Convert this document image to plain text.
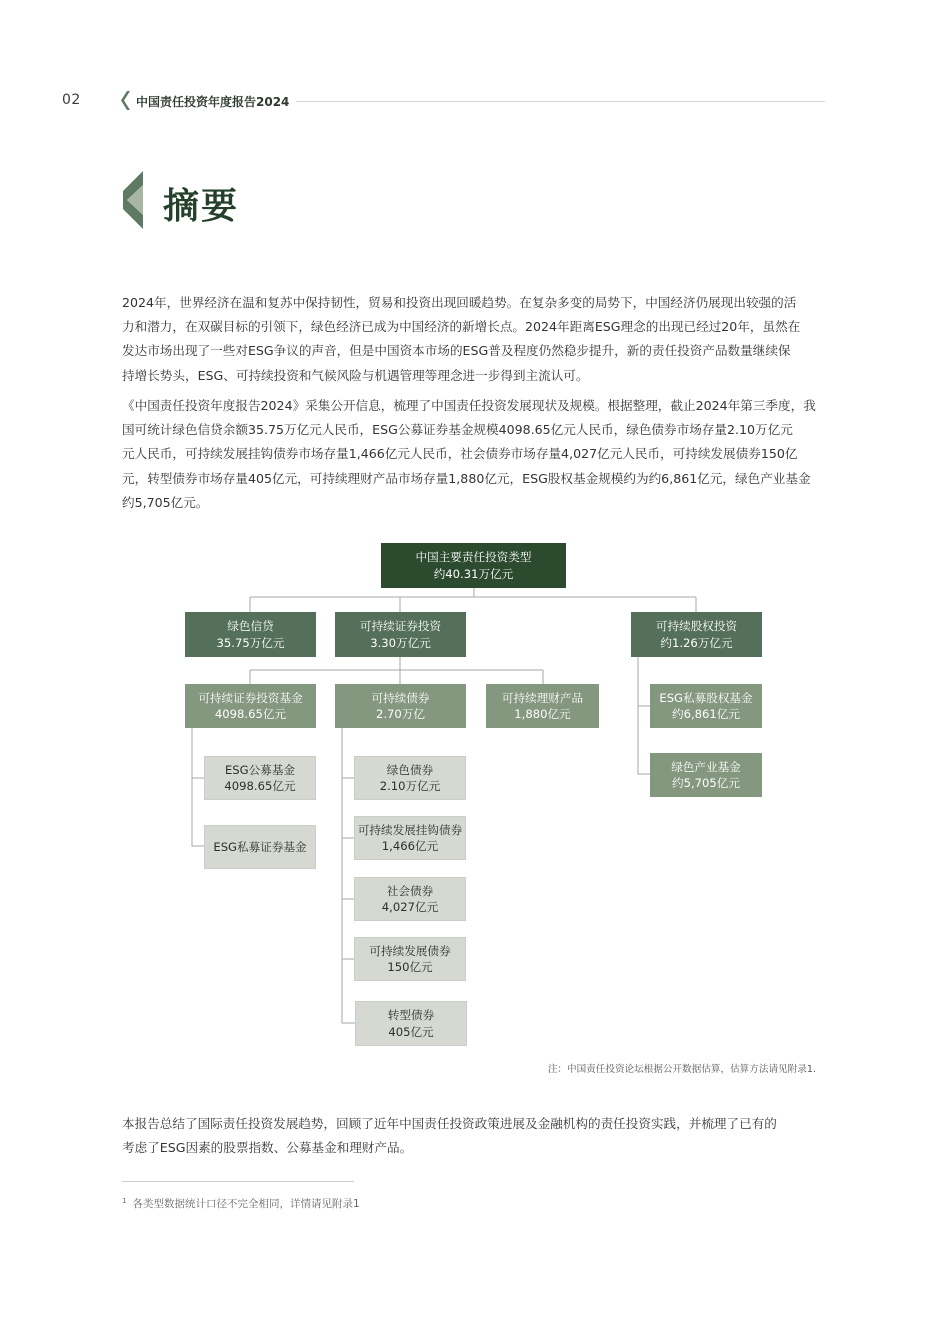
02	中国责任投资年度报告2024
摘要
2024年，世界经济在温和复苏中保持韧性，贸易和投资出现回暖趋势。在复杂多变的局势下，中国经济仍展现出较强的活
力和潜力，在双碳目标的引领下，绿色经济已成为中国经济的新增长点。2024年距离ESG理念的出现已经过20年，虽然在
发达市场出现了一些对ESG争议的声音，但是中国资本市场的ESG普及程度仍然稳步提升，新的责任投资产品数量继续保
持增长势头，ESG、可持续投资和气候风险与机遇管理等理念进一步得到主流认可。
《中国责任投资年度报告2024》采集公开信息，梳理了中国责任投资发展现状及规模。根据整理，截止2024年第三季度，我
国可统计绿色信贷余额35.75万亿元人民币，ESG公募证券基金规模4098.65亿元人民币，绿色债券市场存量2.10万亿元
元人民币，可持续发展挂钩债券市场存量1,466亿元人民币，社会债券市场存量4,027亿元人民币，可持续发展债券150亿
元，转型债券市场存量405亿元，可持续理财产品市场存量1,880亿元，ESG股权基金规模约为约6,861亿元，绿色产业基金
约5,705亿元。
中国主要责任投资类型
约40.31万亿元
绿色信贷
35.75万亿元
可持续证券投资
3.30万亿元
可持续股权投资
约1.26万亿元
可持续证券投资基金
4098.65亿元
可持续债券
2.70万亿
可持续理财产品
1,880亿元
ESG私募股权基金
约6,861亿元
绿色产业基金
约5,705亿元
ESG公募基金
4098.65亿元
ESG私募证券基金
绿色债券
2.10万亿元
可持续发展挂钩债券
1,466亿元
社会债券
4,027亿元
可持续发展债券
150亿元
转型债券
405亿元
注：中国责任投资论坛根据公开数据估算，估算方法请见附录1.
本报告总结了国际责任投资发展趋势，回顾了近年中国责任投资政策进展及金融机构的责任投资实践，并梳理了已有的
考虑了ESG因素的股票指数、公募基金和理财产品。
$^1$ 各类型数据统计口径不完全相同，详情请见附录1
